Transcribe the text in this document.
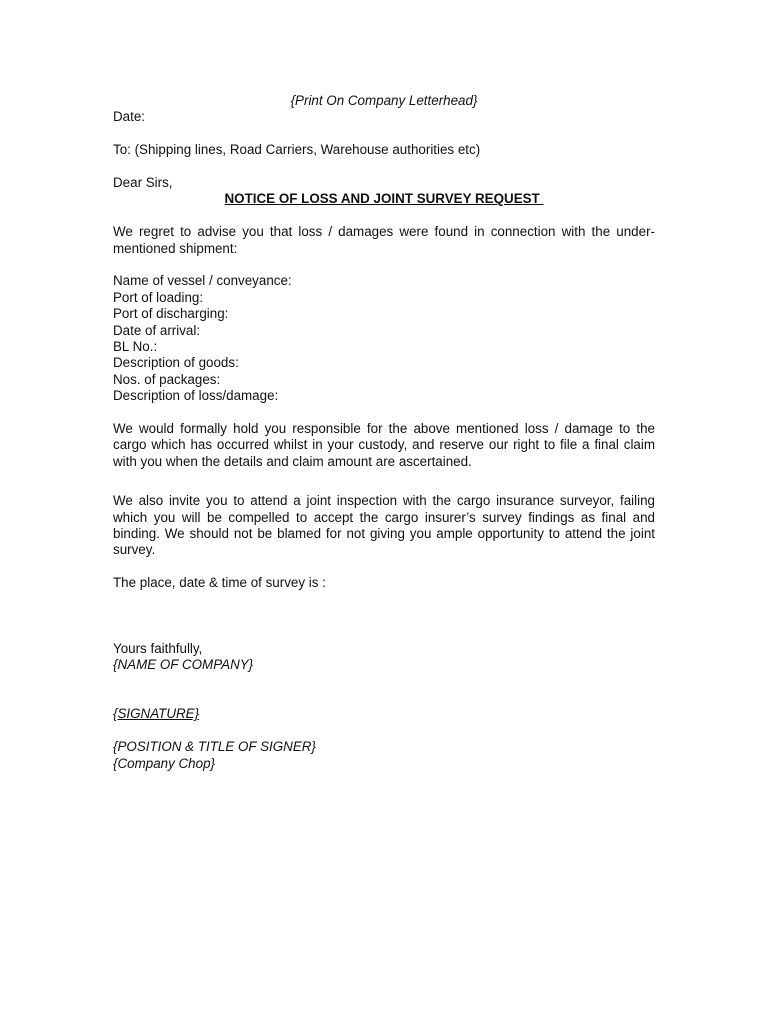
{Print On Company Letterhead}
Date:
To: (Shipping lines, Road Carriers, Warehouse authorities etc)
Dear Sirs,
NOTICE OF LOSS AND JOINT SURVEY REQUEST

We regret to advise you that loss / damages were found in connection with the under-mentioned shipment:

Name of vessel / conveyance:
Port of loading:
Port of discharging:
Date of arrival:
BL No.:
Description of goods:
Nos. of packages:
Description of loss/damage:

We would formally hold you responsible for the above mentioned loss / damage to the cargo which has occurred whilst in your custody, and reserve our right to file a final claim with you when the details and claim amount are ascertained.

We also invite you to attend a joint inspection with the cargo insurance surveyor, failing which you will be compelled to accept the cargo insurer’s survey findings as final and binding. We should not be blamed for not giving you ample opportunity to attend the joint survey.

The place, date & time of survey is :
Yours faithfully,
{NAME OF COMPANY}
{SIGNATURE}
{POSITION & TITLE OF SIGNER}
{Company Chop}
